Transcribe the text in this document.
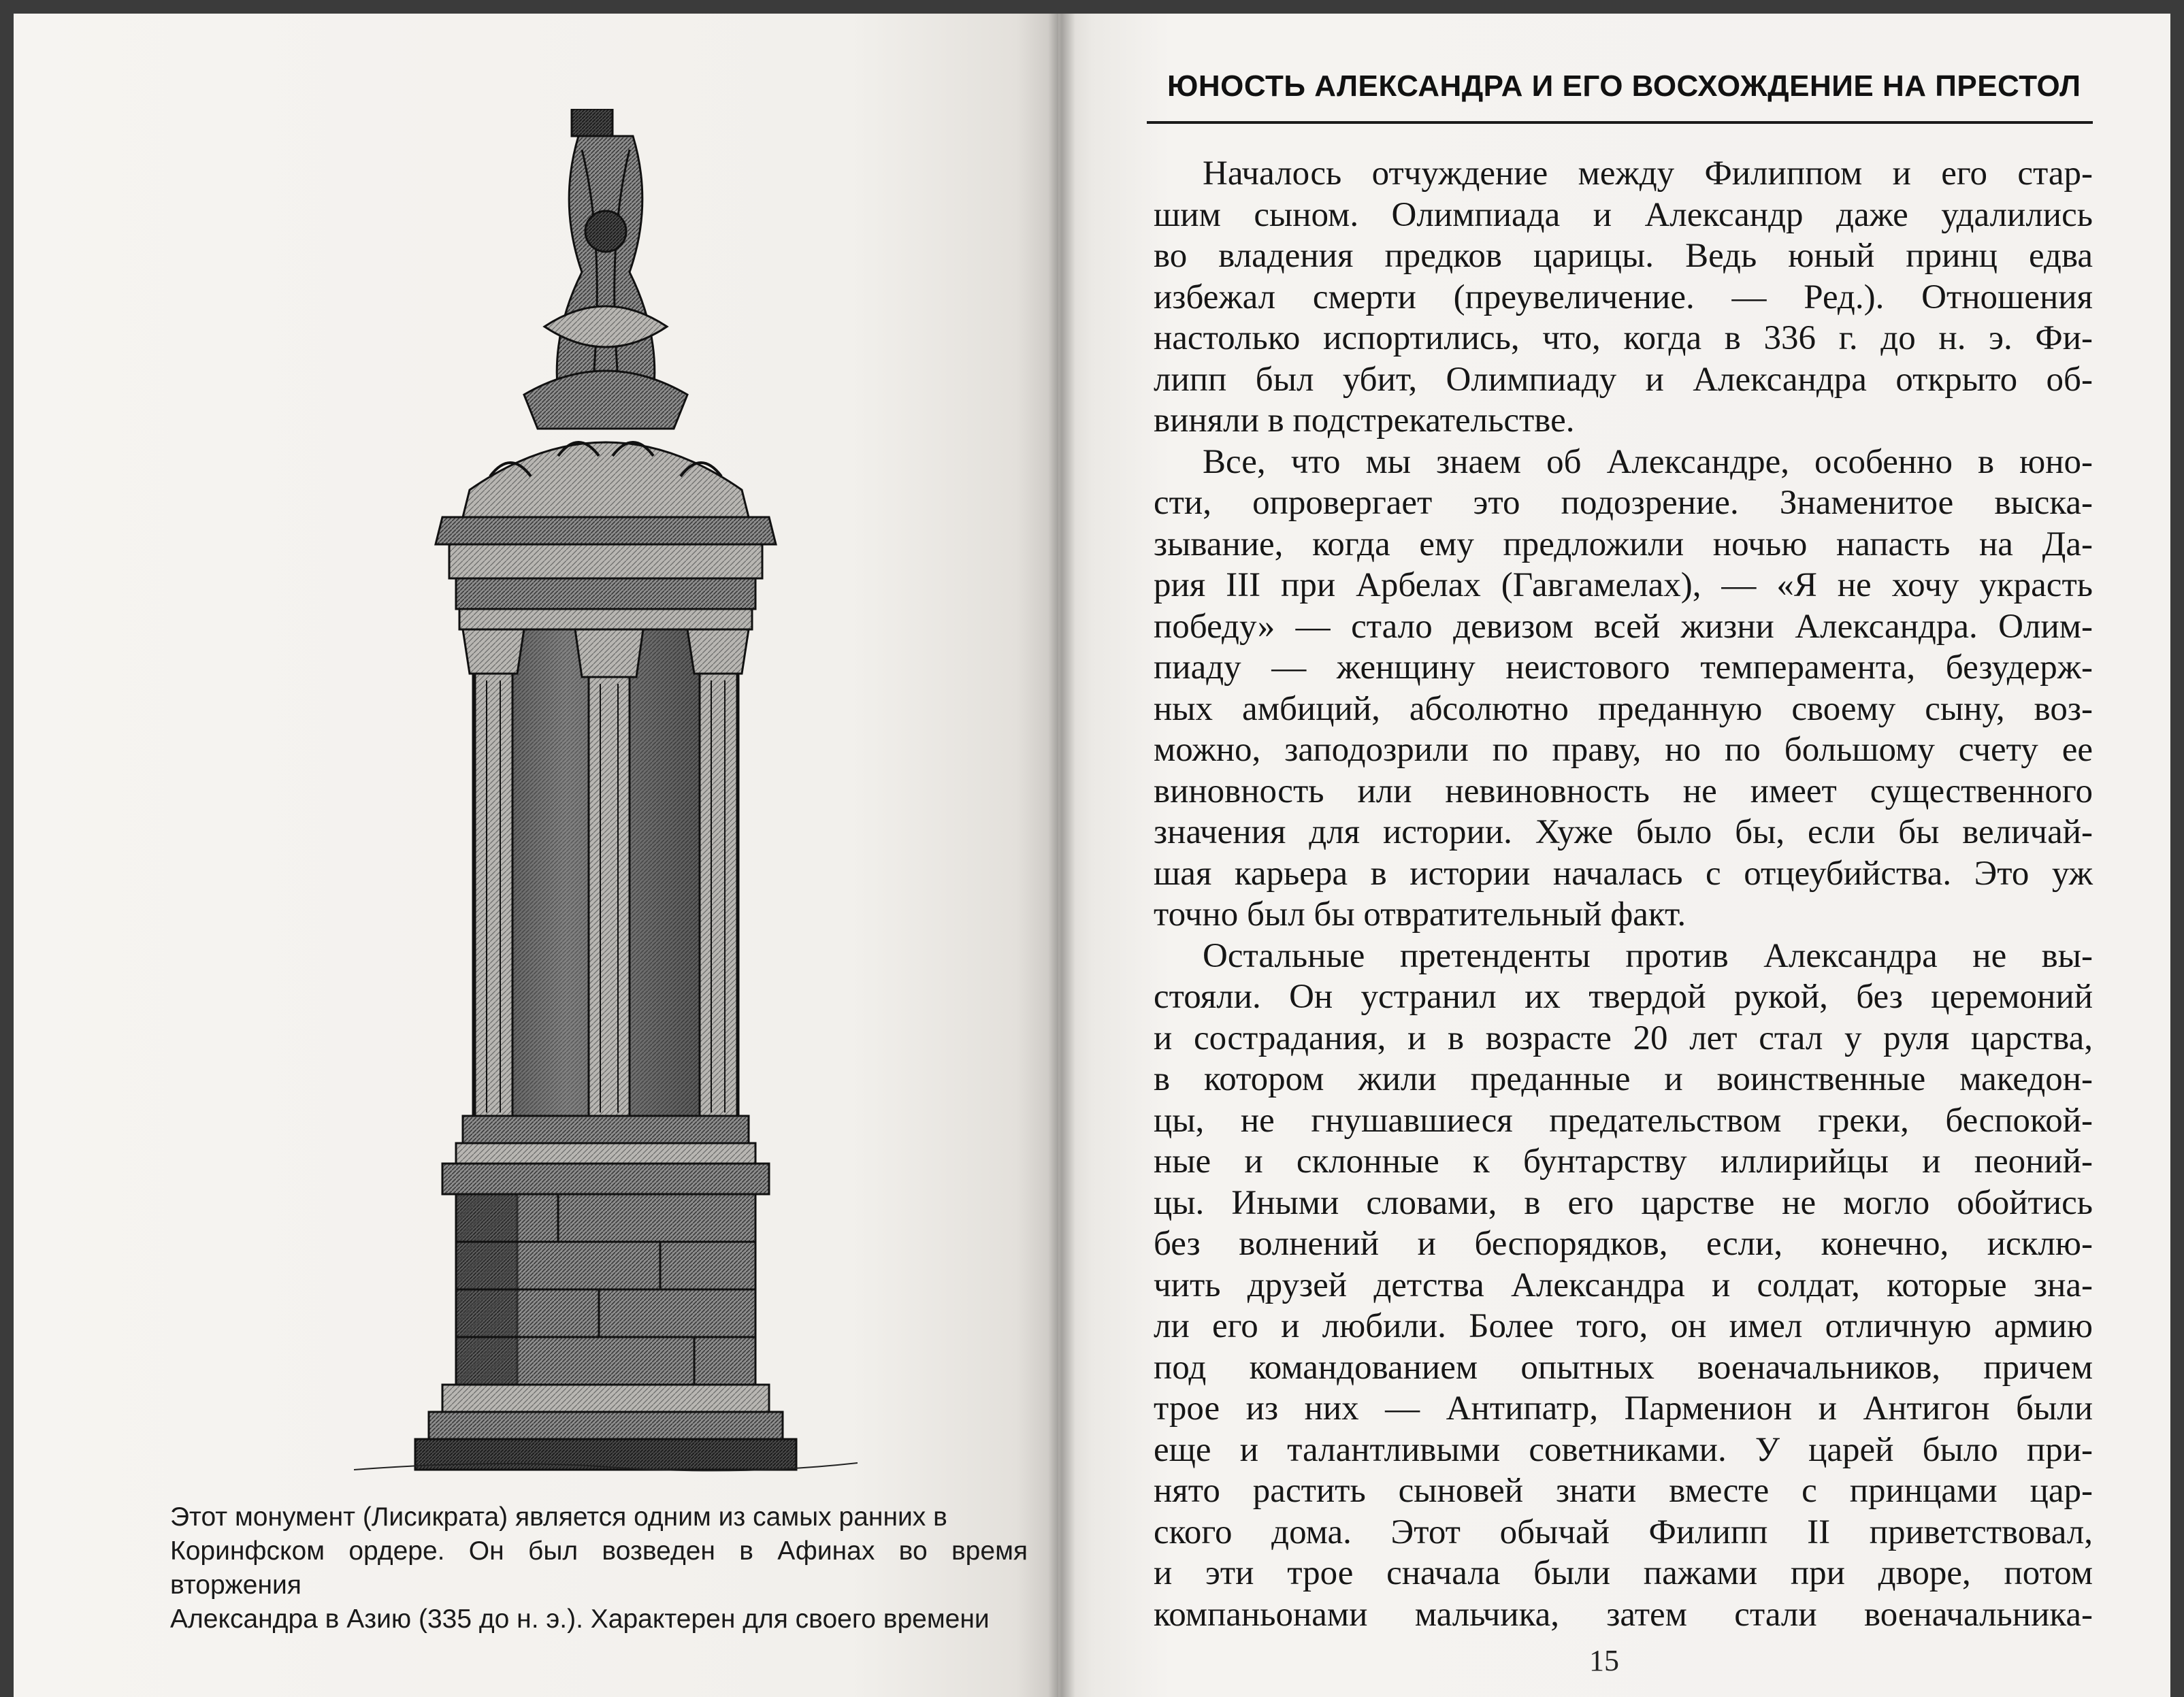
Этот монумент (Лисикрата) является одним из самых ранних в
Коринфском ордере. Он был возведен в Афинах во время вторжения
Александра в Азию (335 до н. э.). Характерен для своего времени
ЮНОСТЬ АЛЕКСАНДРА И ЕГО ВОСХОЖДЕНИЕ НА ПРЕСТОЛ
Началось отчуждение между Филиппом и его стар-
шим сыном. Олимпиада и Александр даже удалились
во владения предков царицы. Ведь юный принц едва
избежал смерти (преувеличение. — Ред.). Отношения
настолько испортились, что, когда в 336 г. до н. э. Фи-
липп был убит, Олимпиаду и Александра открыто об-
виняли в подстрекательстве.
Все, что мы знаем об Александре, особенно в юно-
сти, опровергает это подозрение. Знаменитое выска-
зывание, когда ему предложили ночью напасть на Да-
рия III при Арбелах (Гавгамелах), — «Я не хочу украсть
победу» — стало девизом всей жизни Александра. Олим-
пиаду — женщину неистового темперамента, безудерж-
ных амбиций, абсолютно преданную своему сыну, воз-
можно, заподозрили по праву, но по большому счету ее
виновность или невиновность не имеет существенного
значения для истории. Хуже было бы, если бы величай-
шая карьера в истории началась с отцеубийства. Это уж
точно был бы отвратительный факт.
Остальные претенденты против Александра не вы-
стояли. Он устранил их твердой рукой, без церемоний
и сострадания, и в возрасте 20 лет стал у руля царства,
в котором жили преданные и воинственные македон-
цы, не гнушавшиеся предательством греки, беспокой-
ные и склонные к бунтарству иллирийцы и пеоний-
цы. Иными словами, в его царстве не могло обойтись
без волнений и беспорядков, если, конечно, исклю-
чить друзей детства Александра и солдат, которые зна-
ли его и любили. Более того, он имел отличную армию
под командованием опытных военачальников, причем
трое из них — Антипатр, Парменион и Антигон были
еще и талантливыми советниками. У царей было при-
нято растить сыновей знати вместе с принцами цар-
ского дома. Этот обычай Филипп II приветствовал,
и эти трое сначала были пажами при дворе, потом
компаньонами мальчика, затем стали военачальника-
15
